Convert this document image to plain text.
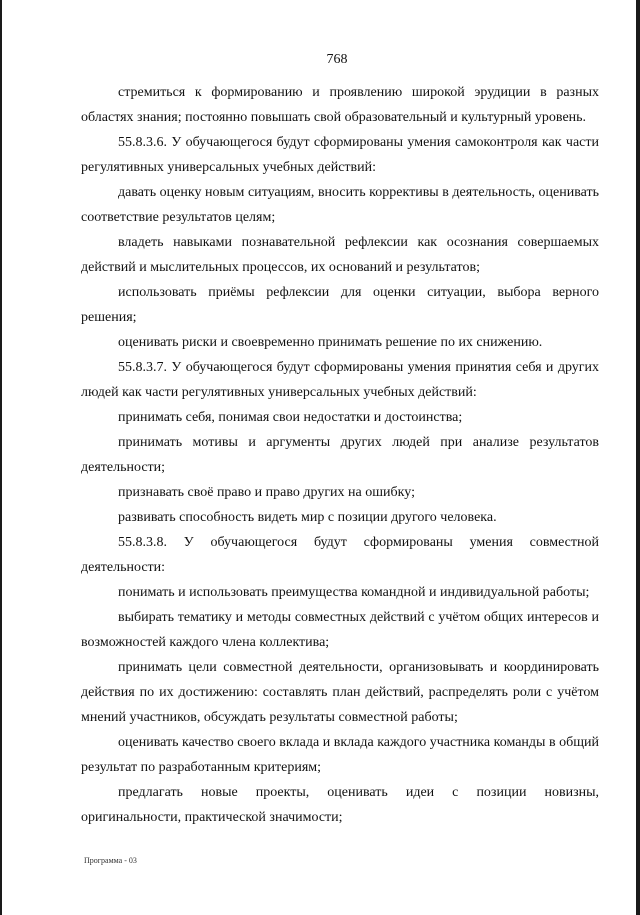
768

стремиться к формированию и проявлению широкой эрудиции в разных областях знания; постоянно повышать свой образовательный и культурный уровень.

55.8.3.6. У обучающегося будут сформированы умения самоконтроля как части регулятивных универсальных учебных действий:

давать оценку новым ситуациям, вносить коррективы в деятельность, оценивать соответствие результатов целям;

владеть навыками познавательной рефлексии как осознания совершаемых действий и мыслительных процессов, их оснований и результатов;

использовать приёмы рефлексии для оценки ситуации, выбора верного решения;

оценивать риски и своевременно принимать решение по их снижению.

55.8.3.7. У обучающегося будут сформированы умения принятия себя и других людей как части регулятивных универсальных учебных действий:

принимать себя, понимая свои недостатки и достоинства;

принимать мотивы и аргументы других людей при анализе результатов деятельности;

признавать своё право и право других на ошибку;

развивать способность видеть мир с позиции другого человека.

55.8.3.8. У обучающегося будут сформированы умения совместной деятельности:

понимать и использовать преимущества командной и индивидуальной работы;

выбирать тематику и методы совместных действий с учётом общих интересов и возможностей каждого члена коллектива;

принимать цели совместной деятельности, организовывать и координировать действия по их достижению: составлять план действий, распределять роли с учётом мнений участников, обсуждать результаты совместной работы;

оценивать качество своего вклада и вклада каждого участника команды в общий результат по разработанным критериям;

предлагать новые проекты, оценивать идеи с позиции новизны, оригинальности, практической значимости;

Программа - 03
